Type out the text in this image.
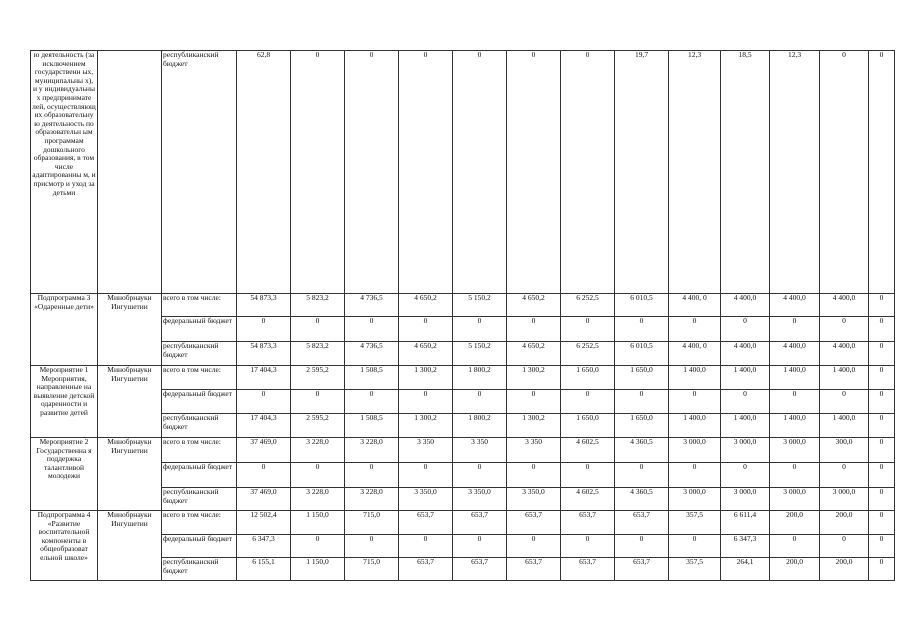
ю деятельность (за исключением государственн ых, муниципальны х), и у индивидуальны х предпринимате лей, осуществляющ их образовательну ю деятельность по образовательн ым программам дошкольного образования, в том числе адаптированны м, и присмотр и уход за детьми		республиканский бюджет	62,8	0	0	0	0	0	0	19,7	12,3	18,5	12,3	0	0
Подпрограмма 3 «Одаренные дети»	Минобрнауки Ингушетии	всего в том числе:	54 873,3	5 823,2	4 736,5	4 650,2	5 150,2	4 650,2	6 252,5	6 010,5	4 400, 0	4 400,0	4 400,0	4 400,0	0
		федеральный бюджет	0	0	0	0	0	0	0	0	0	0	0	0	0
		республиканский бюджет	54 873,3	5 823,2	4 736,5	4 650,2	5 150,2	4 650,2	6 252,5	6 010,5	4 400, 0	4 400,0	4 400,0	4 400,0	0
Мероприятие 1 Мероприятия, направленные на выявление детской одаренности и развитие детей	Минобрнауки Ингушетии	всего в том числе:	17 404,3	2 595,2	1 508,5	1 300,2	1 800,2	1 300,2	1 650,0	1 650,0	1 400,0	1 400,0	1 400,0	1 400,0	0
		федеральный бюджет	0	0	0	0	0	0	0	0	0	0	0	0	0
		республиканский бюджет	17 404,3	2 595,2	1 508,5	1 300,2	1 800,2	1 300,2	1 650,0	1 650,0	1 400,0	1 400,0	1 400,0	1 400,0	0
Мероприятие 2 Государственна я поддержка талантливой молодежи	Минобрнауки Ингушетии	всего в том числе:	37 469,0	3 228,0	3 228,0	3 350	3 350	3 350	4 602,5	4 360,5	3 000,0	3 000,0	3 000,0	300,0	0
		федеральный бюджет	0	0	0	0	0	0	0	0	0	0	0	0	0
		республиканский бюджет	37 469,0	3 228,0	3 228,0	3 350,0	3 350,0	3 350,0	4 602,5	4 360,5	3 000,0	3 000,0	3 000,0	3 000,0	0
Подпрограмма 4 «Развитие воспитательной компоненты в общеобразоват ельной школе»	Минобрнауки Ингушетии	всего в том числе:	12 502,4	1 150,0	715,0	653,7	653,7	653,7	653,7	653,7	357,5	6 611,4	200,0	200,0	0
		федеральный бюджет	6 347,3	0	0	0	0	0	0	0	0	6 347,3	0	0	0
		республиканский бюджет	6 155,1	1 150,0	715,0	653,7	653,7	653,7	653,7	653,7	357,5	264,1	200,0	200,0	0
